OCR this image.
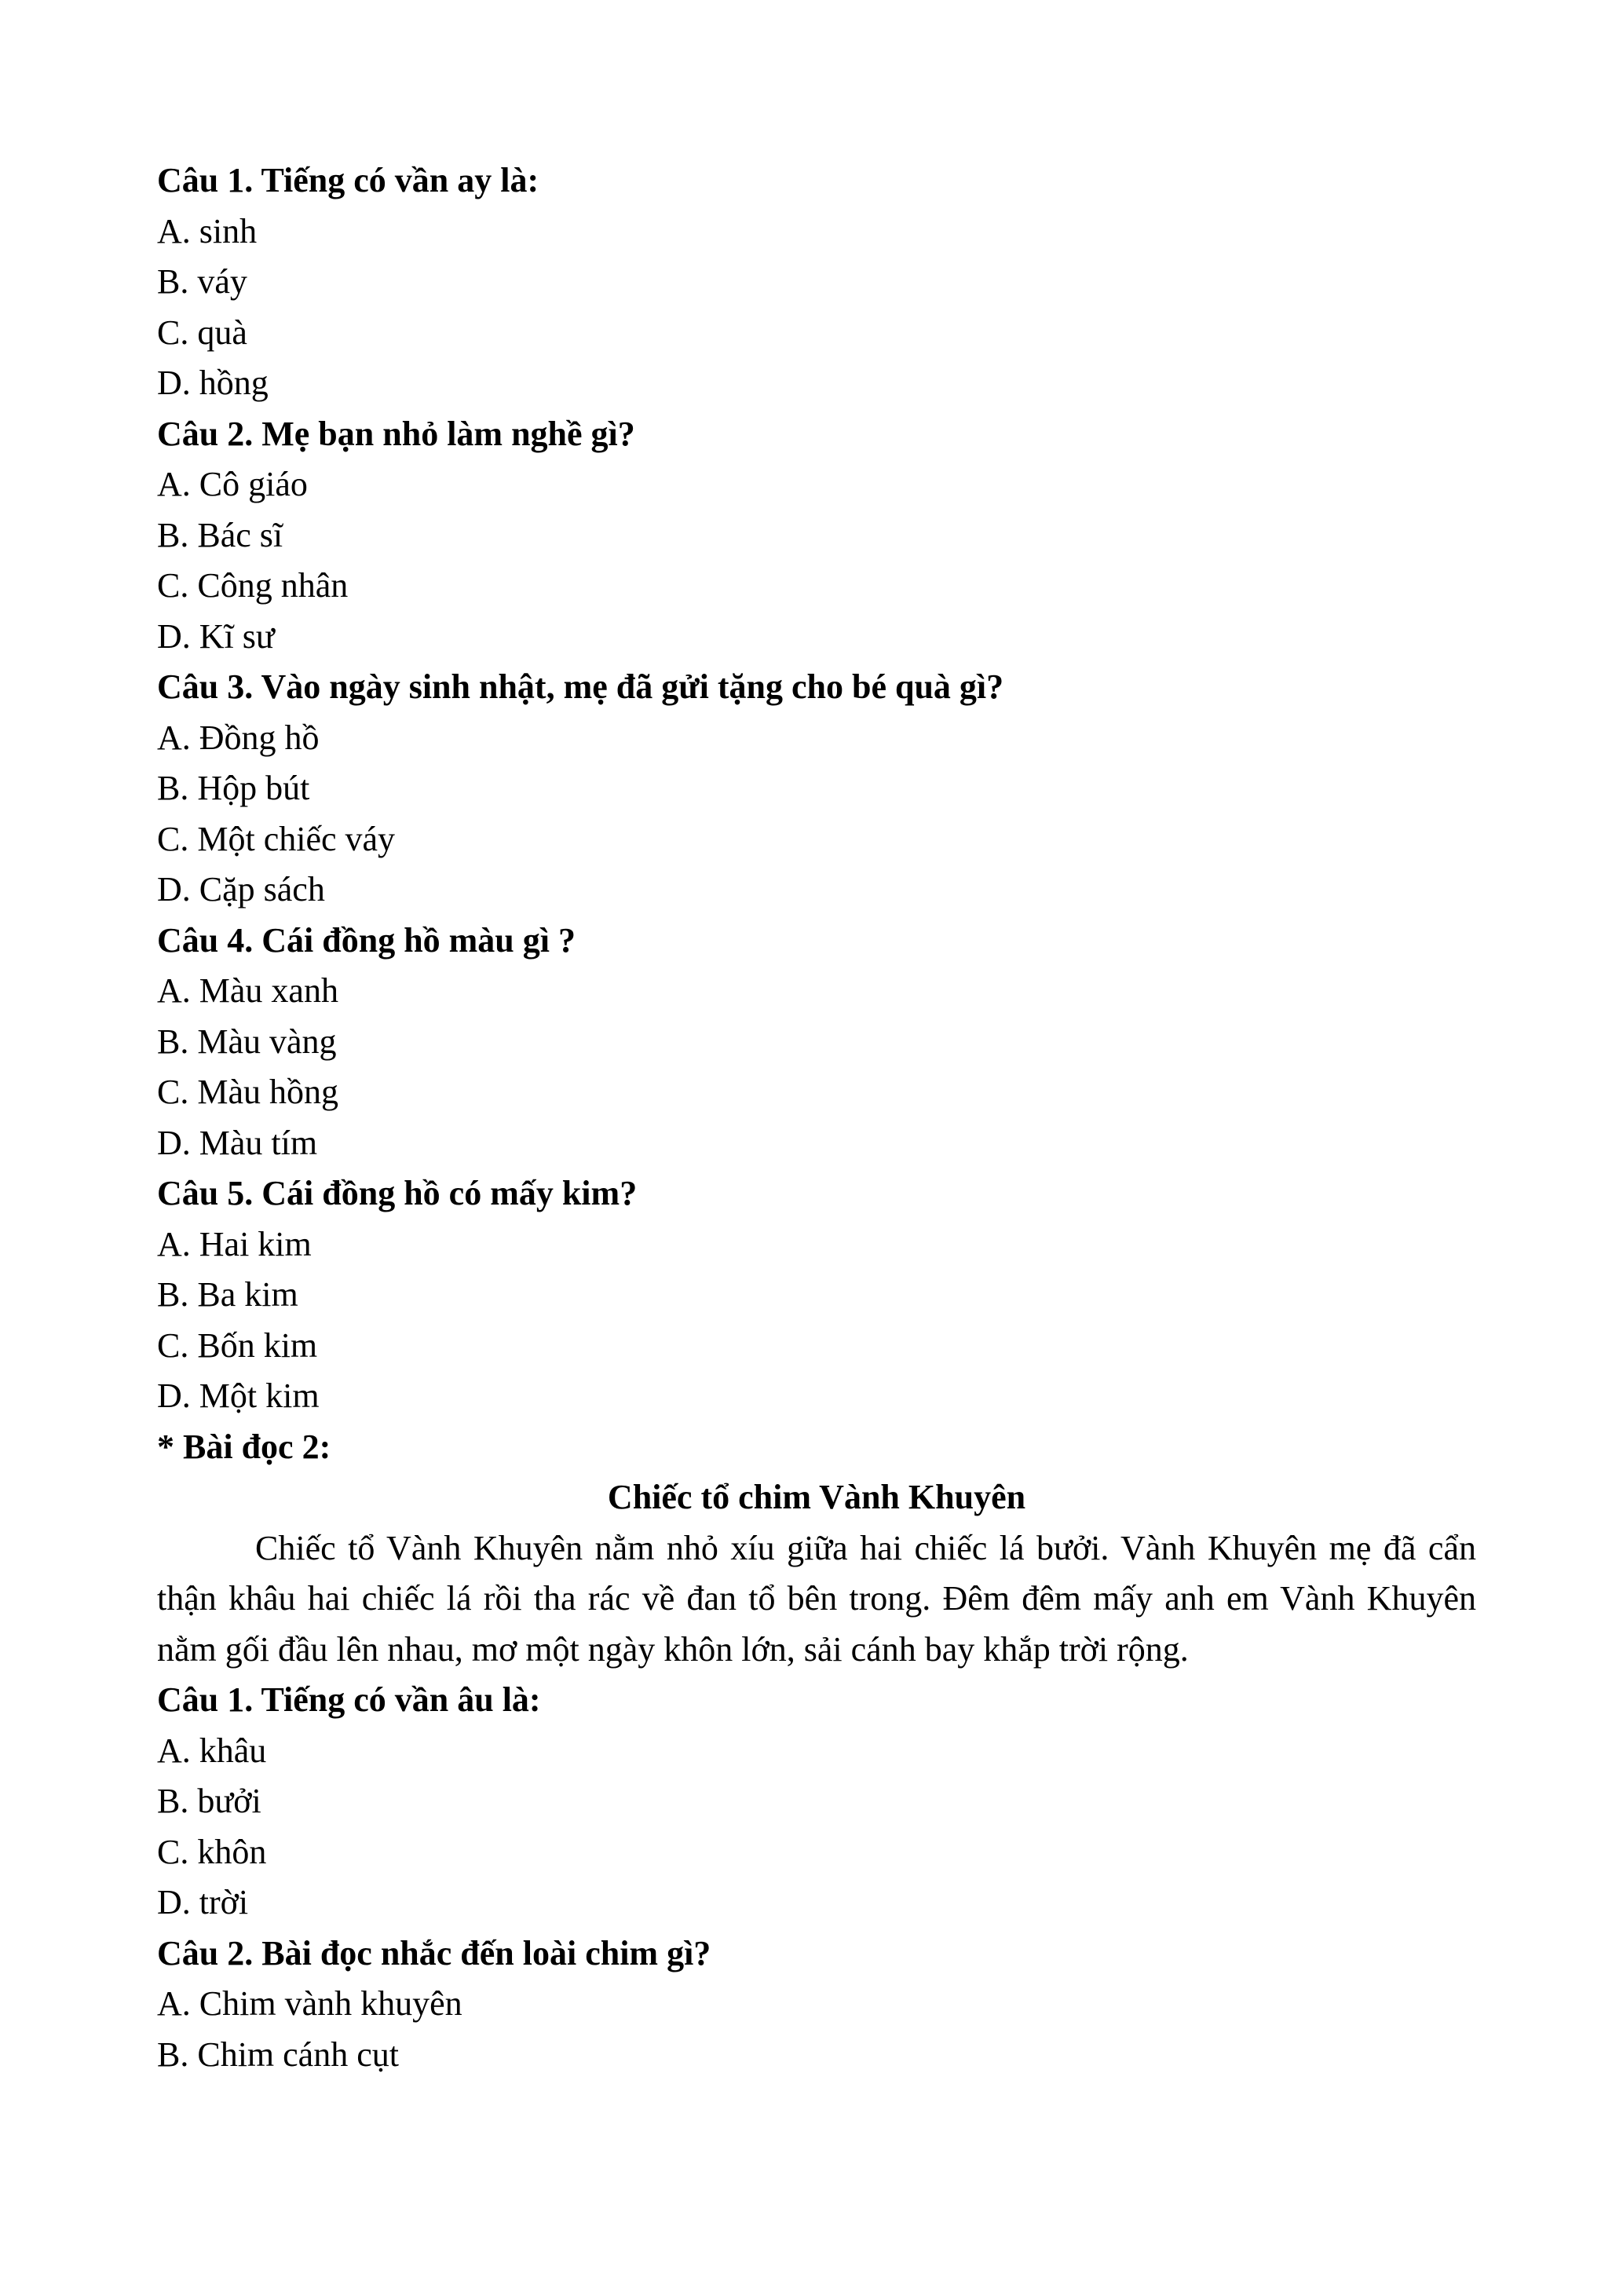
Câu 1. Tiếng có vần ay là:
A. sinh
B. váy
C. quà
D. hồng
Câu 2. Mẹ bạn nhỏ làm nghề gì?
A. Cô giáo
B. Bác sĩ
C. Công nhân
D. Kĩ sư
Câu 3. Vào ngày sinh nhật, mẹ đã gửi tặng cho bé quà gì?
A. Đồng hồ
B. Hộp bút
C. Một chiếc váy
D. Cặp sách
Câu 4. Cái đồng hồ màu gì ?
A. Màu xanh
B. Màu vàng
C. Màu hồng
D. Màu tím
Câu 5. Cái đồng hồ có mấy kim?
A. Hai kim
B. Ba kim
C. Bốn kim
D. Một kim
* Bài đọc 2:
Chiếc tổ chim Vành Khuyên
Chiếc tổ Vành Khuyên nằm nhỏ xíu giữa hai chiếc lá bưởi. Vành Khuyên mẹ đã cẩn thận khâu hai chiếc lá rồi tha rác về đan tổ bên trong. Đêm đêm mấy anh em Vành Khuyên nằm gối đầu lên nhau, mơ một ngày khôn lớn, sải cánh bay khắp trời rộng.
Câu 1. Tiếng có vần âu là:
A. khâu
B. bưởi
C. khôn
D. trời
Câu 2. Bài đọc nhắc đến loài chim gì?
A. Chim vành khuyên
B. Chim cánh cụt
